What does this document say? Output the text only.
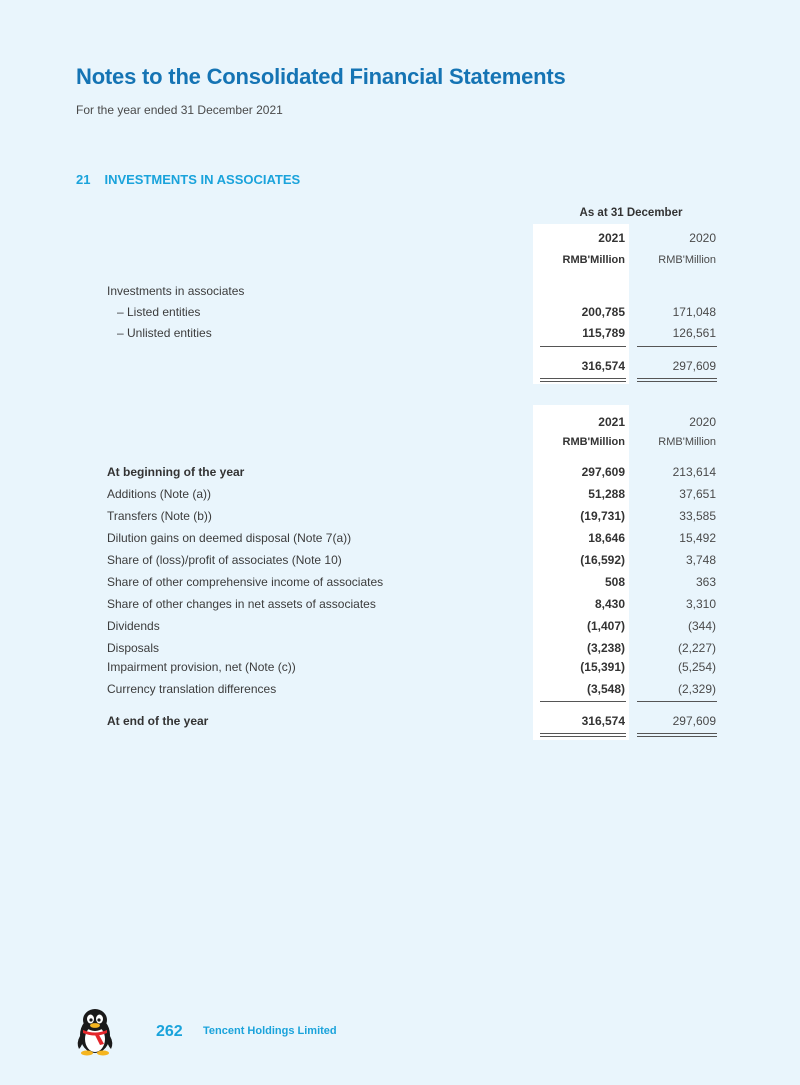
Notes to the Consolidated Financial Statements

For the year ended 31 December 2021

21 INVESTMENTS IN ASSOCIATES
As at 31 December
2021	2020
RMB'Million	RMB'Million
Investments in associates
– Listed entities	200,785	171,048
– Unlisted entities	115,789	126,561
316,574	297,609
2021	2020
RMB'Million	RMB'Million
At beginning of the year	297,609	213,614
Additions (Note (a))	51,288	37,651
Transfers (Note (b))	(19,731)	33,585
Dilution gains on deemed disposal (Note 7(a))	18,646	15,492
Share of (loss)/profit of associates (Note 10)	(16,592)	3,748
Share of other comprehensive income of associates	508	363
Share of other changes in net assets of associates	8,430	3,310
Dividends	(1,407)	(344)
Disposals	(3,238)	(2,227)
Impairment provision, net (Note (c))	(15,391)	(5,254)
Currency translation differences	(3,548)	(2,329)
At end of the year	316,574	297,609
262 Tencent Holdings Limited
